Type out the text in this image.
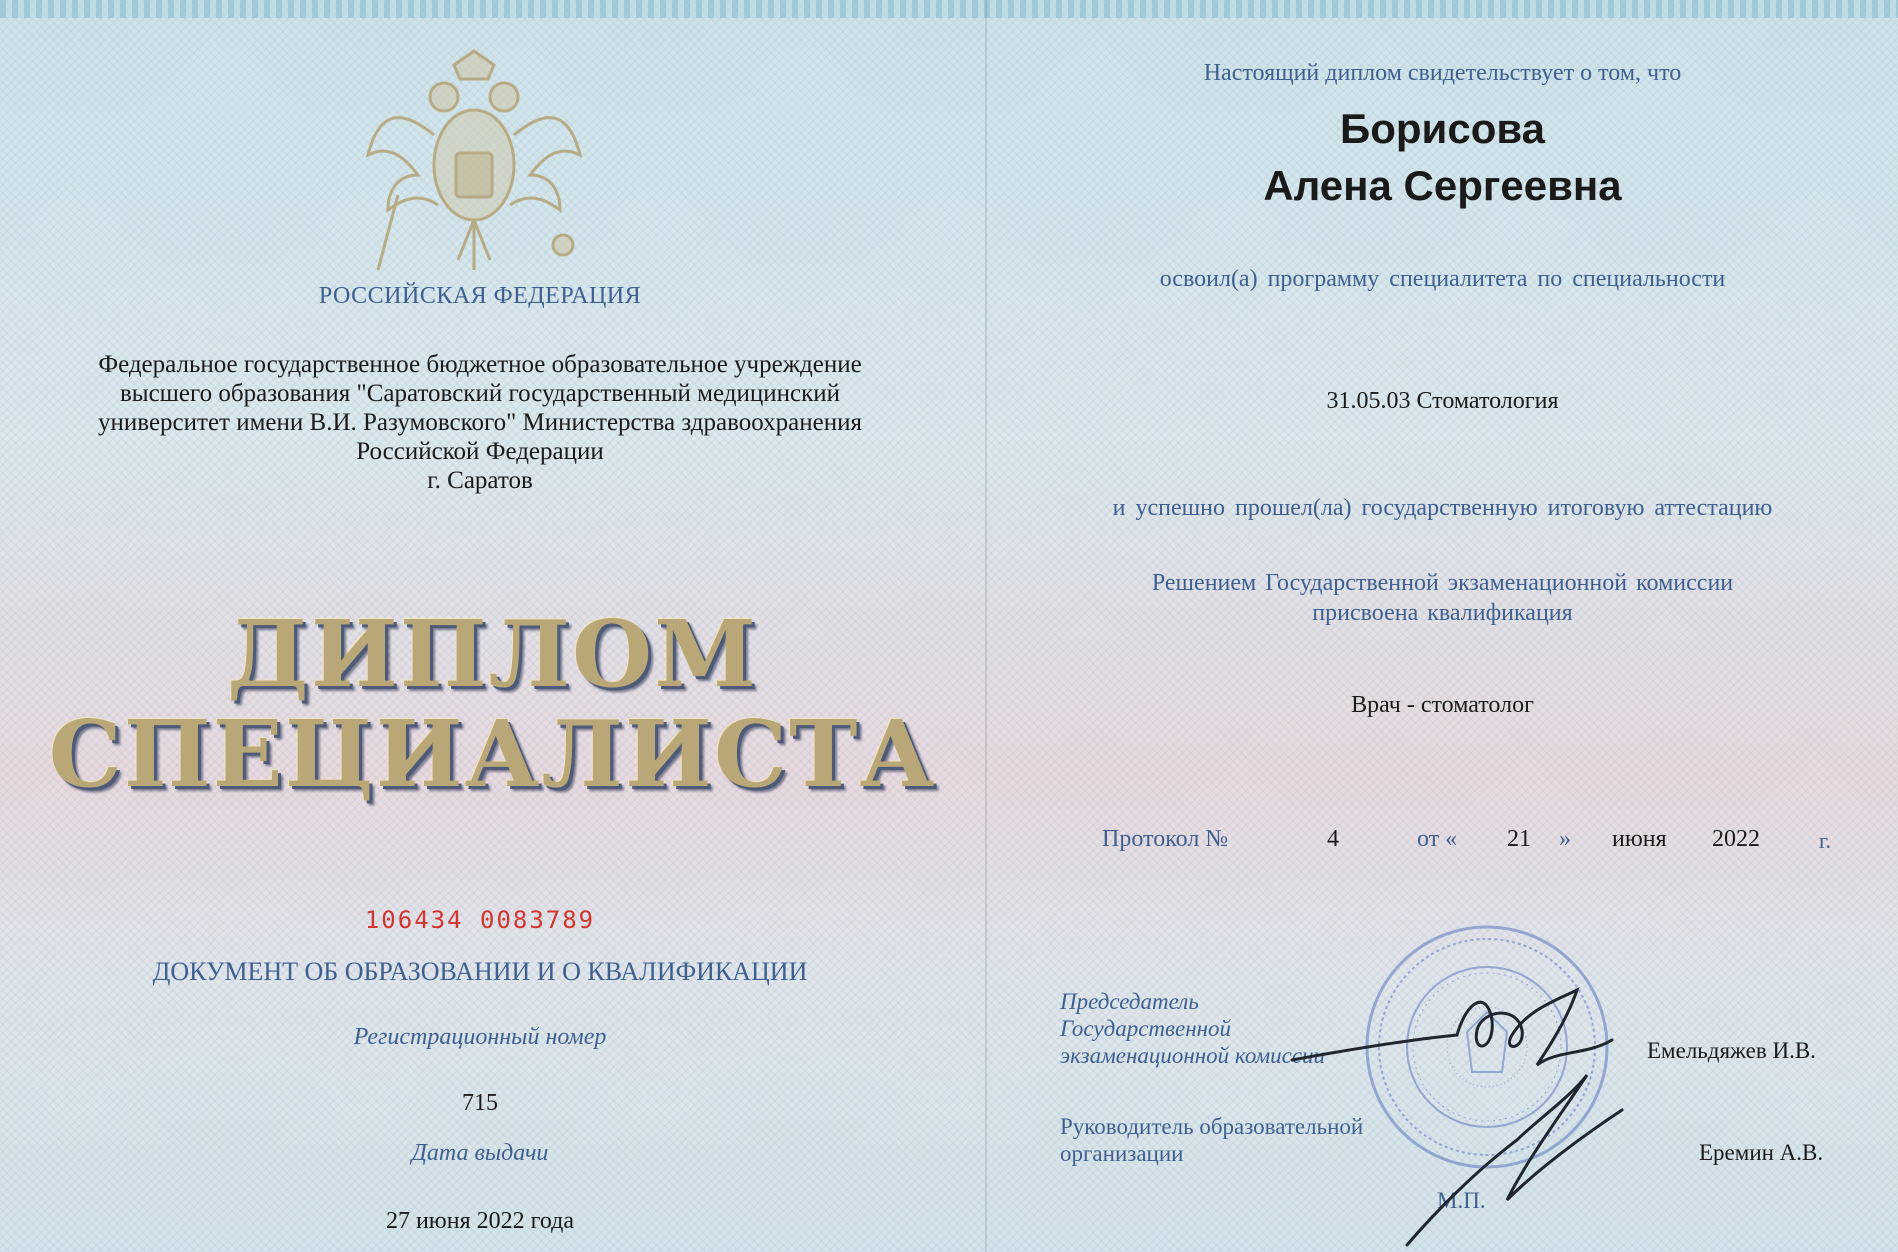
РОССИЙСКАЯ ФЕДЕРАЦИЯ
Федеральное государственное бюджетное образовательное учреждение
высшего образования "Саратовский государственный медицинский
университет имени В.И. Разумовского" Министерства здравоохранения
Российской Федерации
г. Саратов
ДИПЛОМ
СПЕЦИАЛИСТА
106434 0083789
ДОКУМЕНТ ОБ ОБРАЗОВАНИИ И О КВАЛИФИКАЦИИ
Регистрационный номер
715
Дата выдачи
27 июня 2022 года
Настоящий диплом свидетельствует о том, что
Борисова
Алена Сергеевна
освоил(а) программу специалитета по специальности
31.05.03 Стоматология
и успешно прошел(ла) государственную итоговую аттестацию
Решением Государственной экзаменационной комиссии
присвоена квалификация
Врач - стоматолог
Протокол №	4	от « 21 » июня 2022	г.
Председатель
Государственной
экзаменационной комиссии	Емельдяжев И.В.
Руководитель образовательной
организации	Еремин А.В.
М.П.
